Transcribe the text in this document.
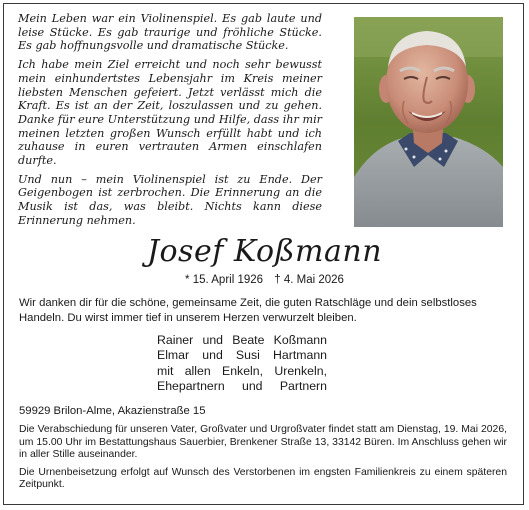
Mein Leben war ein Violinenspiel. Es gab laute und leise Stücke. Es gab traurige und fröhliche Stücke. Es gab hoffnungsvolle und dramatische Stücke.

Ich habe mein Ziel erreicht und noch sehr bewusst mein einhundertstes Lebensjahr im Kreis meiner liebsten Menschen gefeiert. Jetzt verlässt mich die Kraft. Es ist an der Zeit, loszulassen und zu gehen. Danke für eure Unterstützung und Hilfe, dass ihr mir meinen letzten großen Wunsch erfüllt habt und ich zuhause in euren vertrauten Armen einschlafen durfte.

Und nun – mein Violinenspiel ist zu Ende. Der Geigenbogen ist zerbrochen. Die Erinnerung an die Musik ist das, was bleibt. Nichts kann diese Erinnerung nehmen.

Josef Koßmann
* 15. April 1926 † 4. Mai 2026

Wir danken dir für die schöne, gemeinsame Zeit, die guten Ratschläge und dein selbstloses Handeln. Du wirst immer tief in unserem Herzen verwurzelt bleiben.

Rainer und Beate Koßmann
Elmar und Susi Hartmann
mit allen Enkeln, Urenkeln,
Ehepartnern und Partnern
59929 Brilon-Alme, Akazienstraße 15

Die Verabschiedung für unseren Vater, Großvater und Urgroßvater findet statt am Dienstag, 19. Mai 2026, um 15.00 Uhr im Bestattungshaus Sauerbier, Brenkener Straße 13, 33142 Büren. Im Anschluss gehen wir in aller Stille auseinander.

Die Urnenbeisetzung erfolgt auf Wunsch des Verstorbenen im engsten Familienkreis zu einem späteren Zeitpunkt.
